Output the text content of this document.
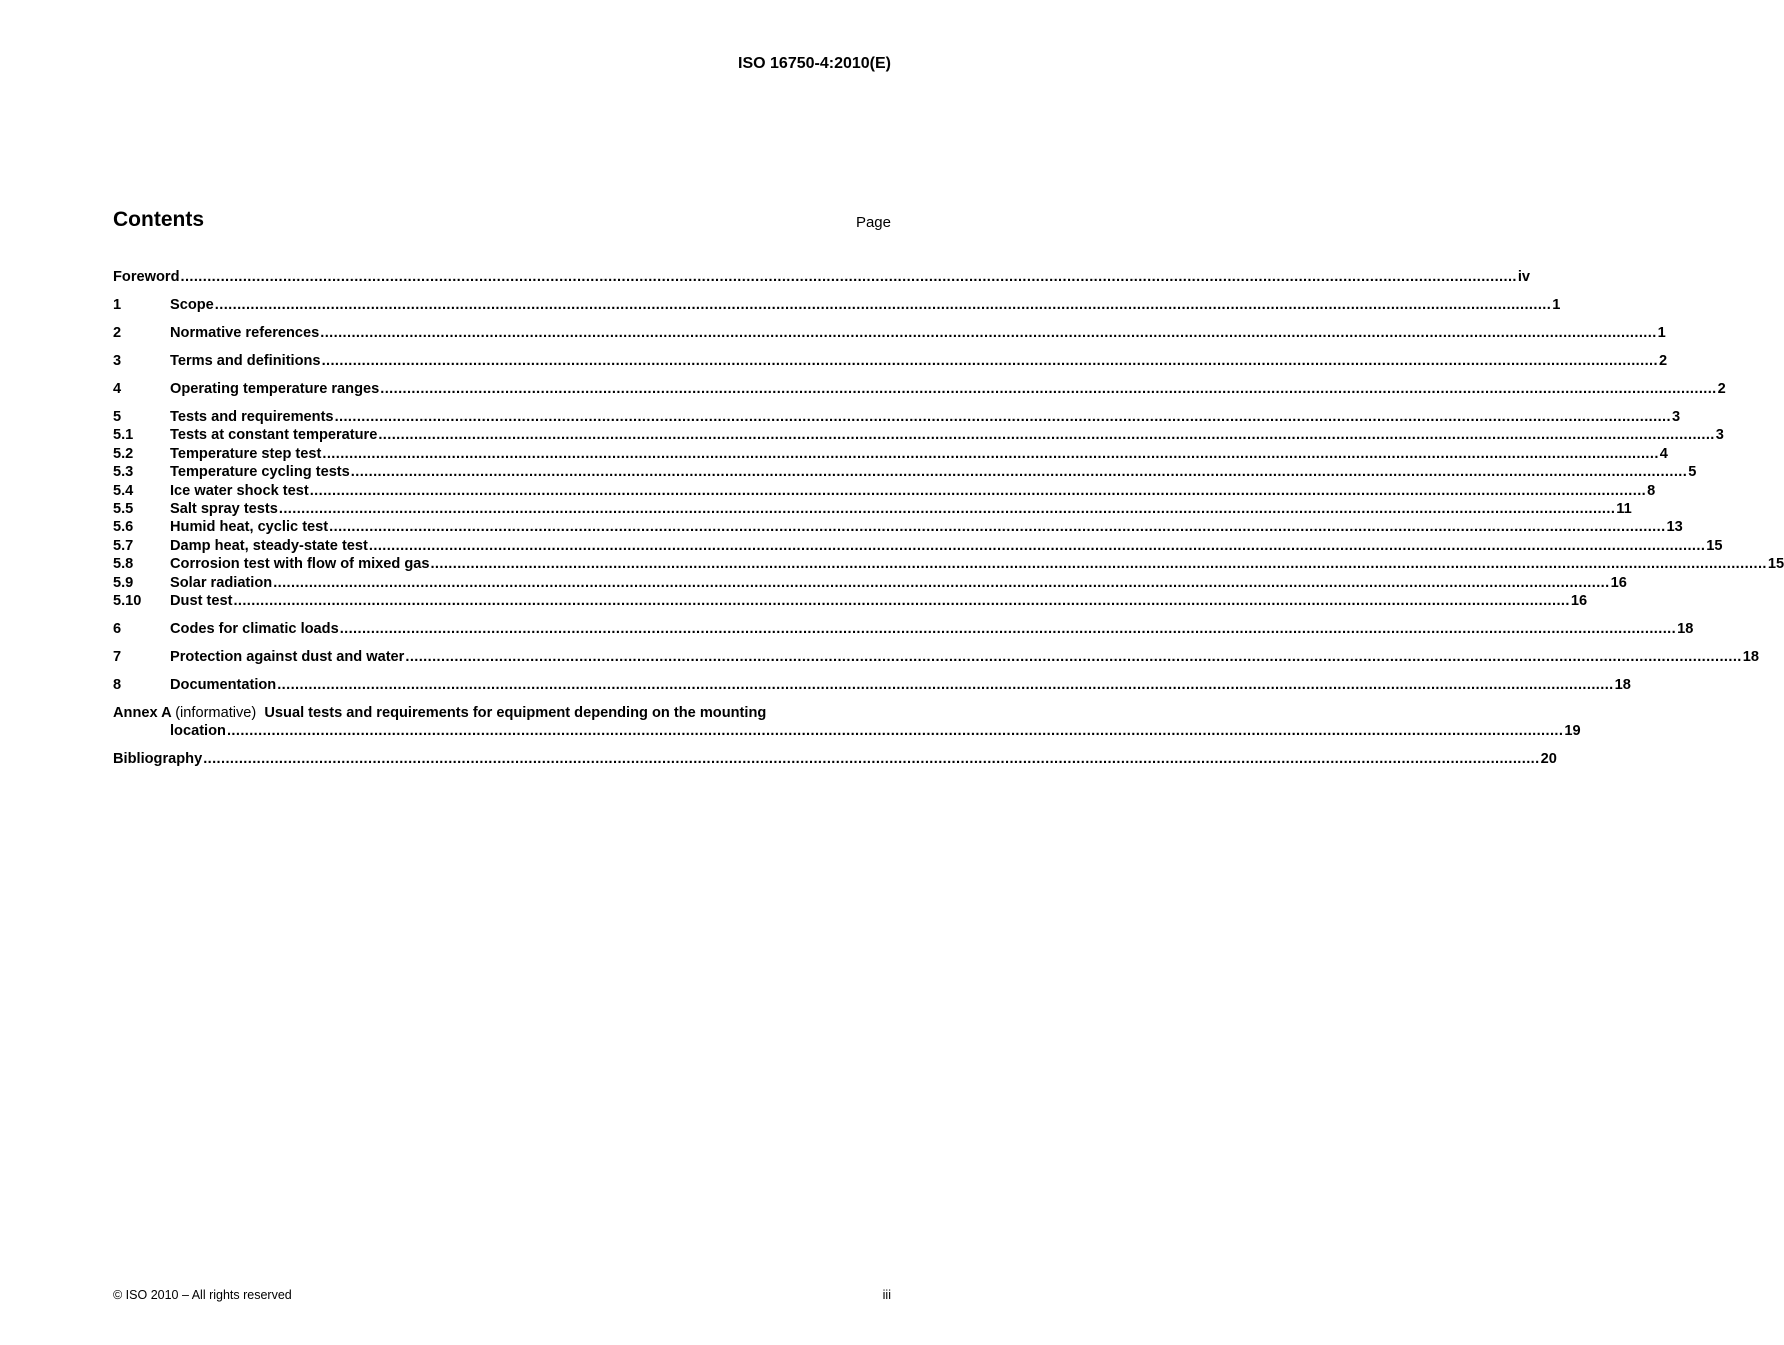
ISO 16750-4:2010(E)
Contents	Page
Foreword ............................................................................................................................................................................................................................................................................................................ iv
1	Scope ............................................................................................................................................................................................................................................................................................................ 1
2	Normative references ............................................................................................................................................................................................................................................................................................................ 1
3	Terms and definitions ............................................................................................................................................................................................................................................................................................................ 2
4	Operating temperature ranges ............................................................................................................................................................................................................................................................................................................ 2
5	Tests and requirements ............................................................................................................................................................................................................................................................................................................ 3
5.1	Tests at constant temperature ............................................................................................................................................................................................................................................................................................................ 3
5.2	Temperature step test ............................................................................................................................................................................................................................................................................................................ 4
5.3	Temperature cycling tests ............................................................................................................................................................................................................................................................................................................ 5
5.4	Ice water shock test ............................................................................................................................................................................................................................................................................................................ 8
5.5	Salt spray tests ............................................................................................................................................................................................................................................................................................................ 11
5.6	Humid heat, cyclic test ............................................................................................................................................................................................................................................................................................................ 13
5.7	Damp heat, steady-state test ............................................................................................................................................................................................................................................................................................................ 15
5.8	Corrosion test with flow of mixed gas ............................................................................................................................................................................................................................................................................................................ 15
5.9	Solar radiation ............................................................................................................................................................................................................................................................................................................ 16
5.10	Dust test ............................................................................................................................................................................................................................................................................................................ 16
6	Codes for climatic loads ............................................................................................................................................................................................................................................................................................................ 18
7	Protection against dust and water ............................................................................................................................................................................................................................................................................................................ 18
8	Documentation ............................................................................................................................................................................................................................................................................................................ 18
Annex A (informative) Usual tests and requirements for equipment depending on the mounting
location ............................................................................................................................................................................................................................................................................................................ 19
Bibliography ............................................................................................................................................................................................................................................................................................................ 20
© ISO 2010 – All rights reserved	iii
